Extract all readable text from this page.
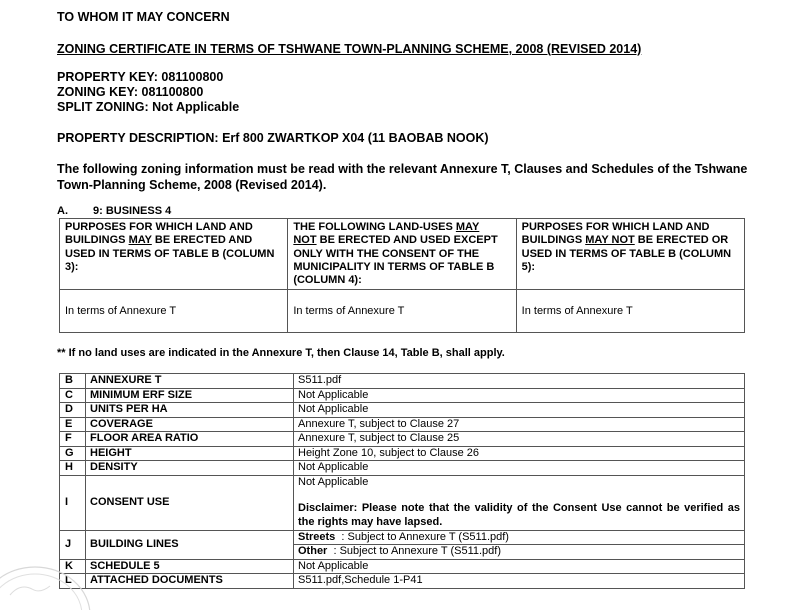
TO WHOM IT MAY CONCERN
ZONING CERTIFICATE IN TERMS OF TSHWANE TOWN-PLANNING SCHEME, 2008 (REVISED 2014)
PROPERTY KEY: 081100800
ZONING KEY: 081100800
SPLIT ZONING: Not Applicable
PROPERTY DESCRIPTION: Erf 800 ZWARTKOP X04 (11 BAOBAB NOOK)
The following zoning information must be read with the relevant Annexure T, Clauses and Schedules of the Tshwane Town-Planning Scheme, 2008 (Revised 2014).
A. 9: BUSINESS 4
PURPOSES FOR WHICH LAND AND BUILDINGS MAY BE ERECTED AND USED IN TERMS OF TABLE B (COLUMN 3):	THE FOLLOWING LAND-USES MAY
NOT BE ERECTED AND USED EXCEPT ONLY WITH THE CONSENT OF THE MUNICIPALITY IN TERMS OF TABLE B (COLUMN 4):	PURPOSES FOR WHICH LAND AND BUILDINGS MAY NOT BE ERECTED OR USED IN TERMS OF TABLE B (COLUMN 5):
In terms of Annexure T	In terms of Annexure T	In terms of Annexure T
** If no land uses are indicated in the Annexure T, then Clause 14, Table B, shall apply.
B	ANNEXURE T	S511.pdf
C	MINIMUM ERF SIZE	Not Applicable
D	UNITS PER HA	Not Applicable
E	COVERAGE	Annexure T, subject to Clause 27
F	FLOOR AREA RATIO	Annexure T, subject to Clause 25
G	HEIGHT	Height Zone 10, subject to Clause 26
H	DENSITY	Not Applicable
I	CONSENT USE	Not Applicable
Disclaimer: Please note that the validity of the Consent Use cannot be verified as the rights may have lapsed.

J	BUILDING LINES	Streets  : Subject to Annexure T (S511.pdf)
Other  : Subject to Annexure T (S511.pdf)

K	SCHEDULE 5	Not Applicable
L	ATTACHED DOCUMENTS	S511.pdf,Schedule 1-P41
